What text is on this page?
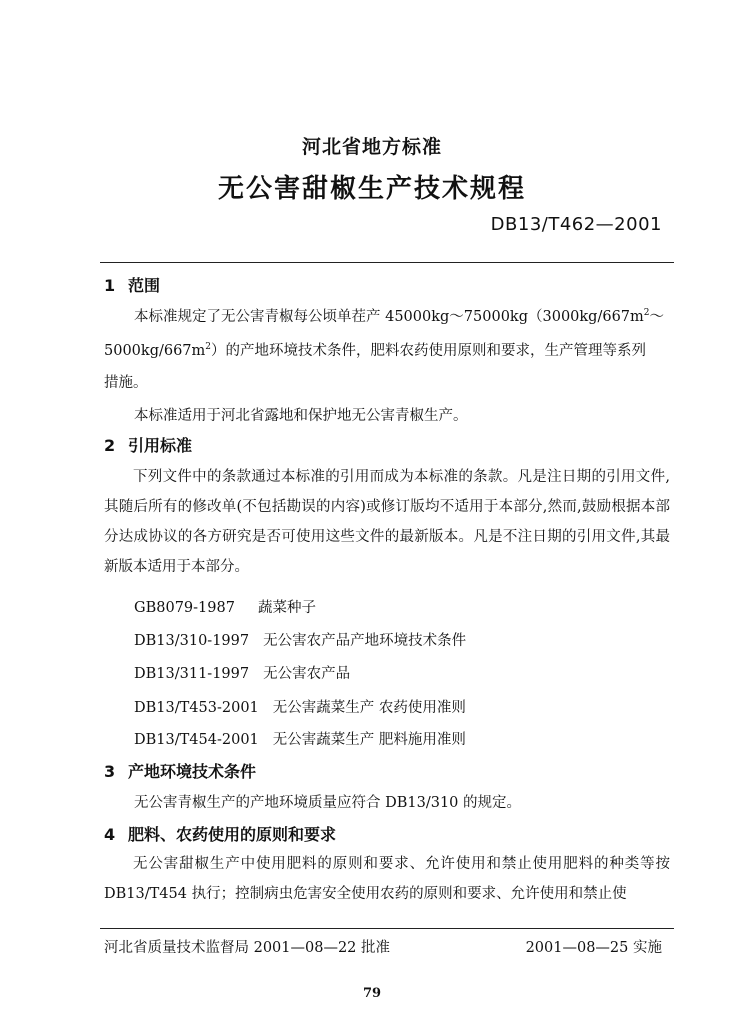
河北省地方标准
无公害甜椒生产技术规程
DB13/T462—2001
1 范围
本标准规定了无公害青椒每公顷单茬产 $45000kg\sim 75000kg(3000kg/667m^2\sim$
$5000kg/667m^2$）的产地环境技术条件，肥料农药使用原则和要求，生产管理等系列
措施。
本标准适用于河北省露地和保护地无公害青椒生产。
2 引用标准
下列文件中的条款通过本标准的引用而成为本标准的条款。凡是注日期的引用文件,其随后所有的修改单(不包括勘误的内容)或修订版均不适用于本部分,然而,鼓励根据本部分达成协议的各方研究是否可使用这些文件的最新版本。凡是不注日期的引用文件,其最新版本适用于本部分。
GB8079-1987 蔬菜种子
DB13/310-1997 无公害农产品产地环境技术条件
DB13/311-1997 无公害农产品
DB13/T453-2001 无公害蔬菜生产 农药使用准则
DB13/T454-2001 无公害蔬菜生产 肥料施用准则
3 产地环境技术条件
无公害青椒生产的产地环境质量应符合 DB13/310 的规定。
4 肥料、农药使用的原则和要求
无公害甜椒生产中使用肥料的原则和要求、允许使用和禁止使用肥料的种类等按 DB13/T454 执行；控制病虫危害安全使用农药的原则和要求、允许使用和禁止使
河北省质量技术监督局 2001—08—22 批准	2001—08—25 实施
79
